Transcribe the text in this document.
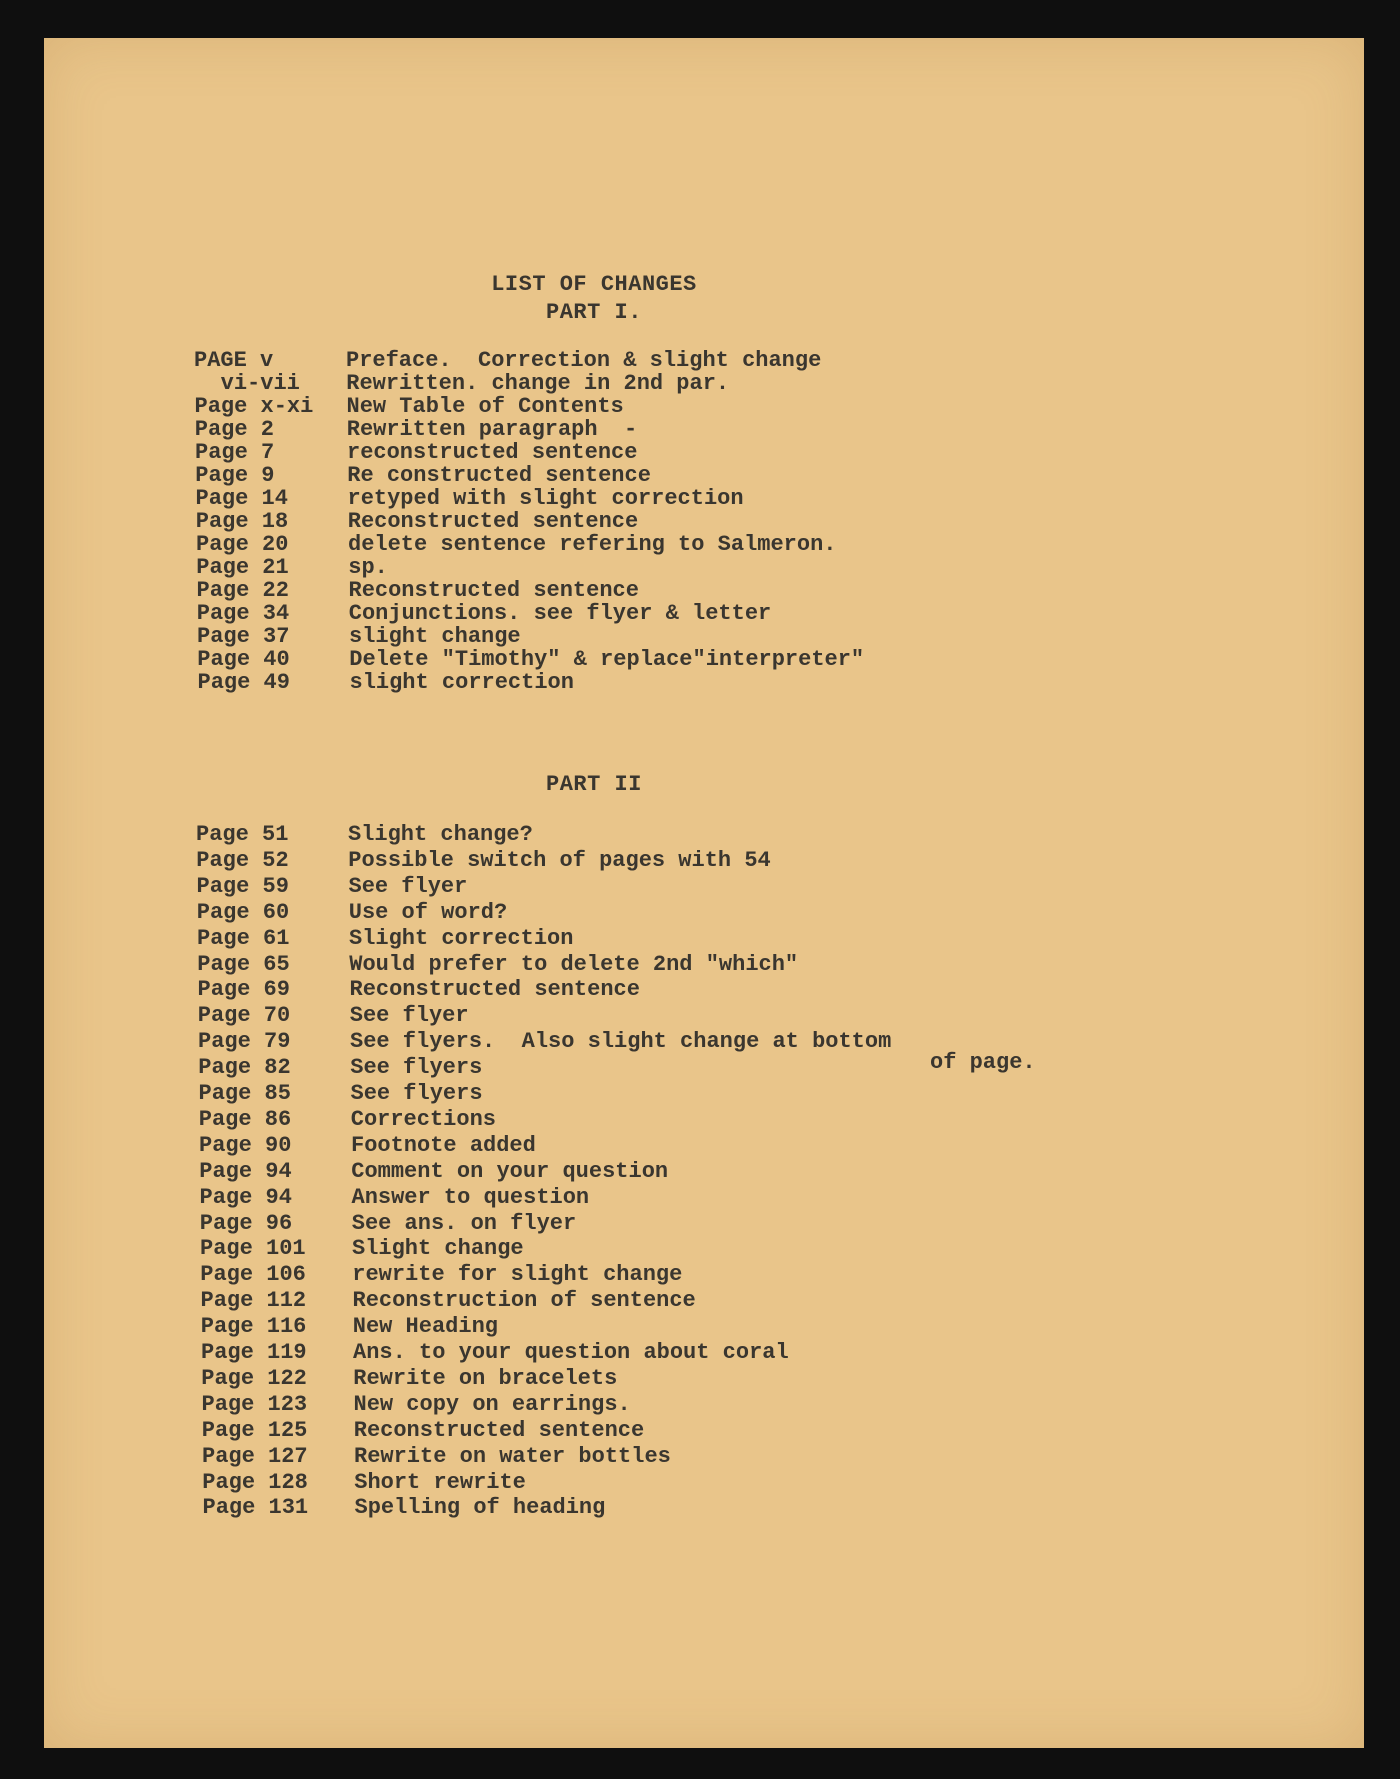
LIST OF CHANGES
PART I.
PAGE v	Preface.  Correction & slight change
vi-vii Rewritten. change in 2nd par.
Page x-xi New Table of Contents
Page 2	Rewritten paragraph  -
Page 7	reconstructed sentence
Page 9	Re constructed sentence
Page 14	retyped with slight correction
Page 18	Reconstructed sentence
Page 20	delete sentence refering to Salmeron.
Page 21	sp.
Page 22	Reconstructed sentence
Page 34	Conjunctions. see flyer & letter
Page 37	slight change
Page 40	Delete "Timothy" & replace"interpreter"
Page 49	slight correction
PART II
Page 51	Slight change?
Page 52	Possible switch of pages with 54
Page 59	See flyer
Page 60	Use of word?
Page 61	Slight correction
Page 65	Would prefer to delete 2nd "which"
Page 69	Reconstructed sentence
Page 70	See flyer
Page 79	See flyers.  Also slight change at bottom
Page 82	See flyers
Page 85	See flyers
Page 86	Corrections
Page 90	Footnote added
Page 94	Comment on your question
Page 94	Answer to question
Page 96	See ans. on flyer
Page 101 Slight change
Page 106 rewrite for slight change
Page 112 Reconstruction of sentence
Page 116 New Heading
Page 119 Ans. to your question about coral
Page 122 Rewrite on bracelets
Page 123 New copy on earrings.
Page 125 Reconstructed sentence
Page 127 Rewrite on water bottles
Page 128 Short rewrite
Page 131 Spelling of heading
of page.
